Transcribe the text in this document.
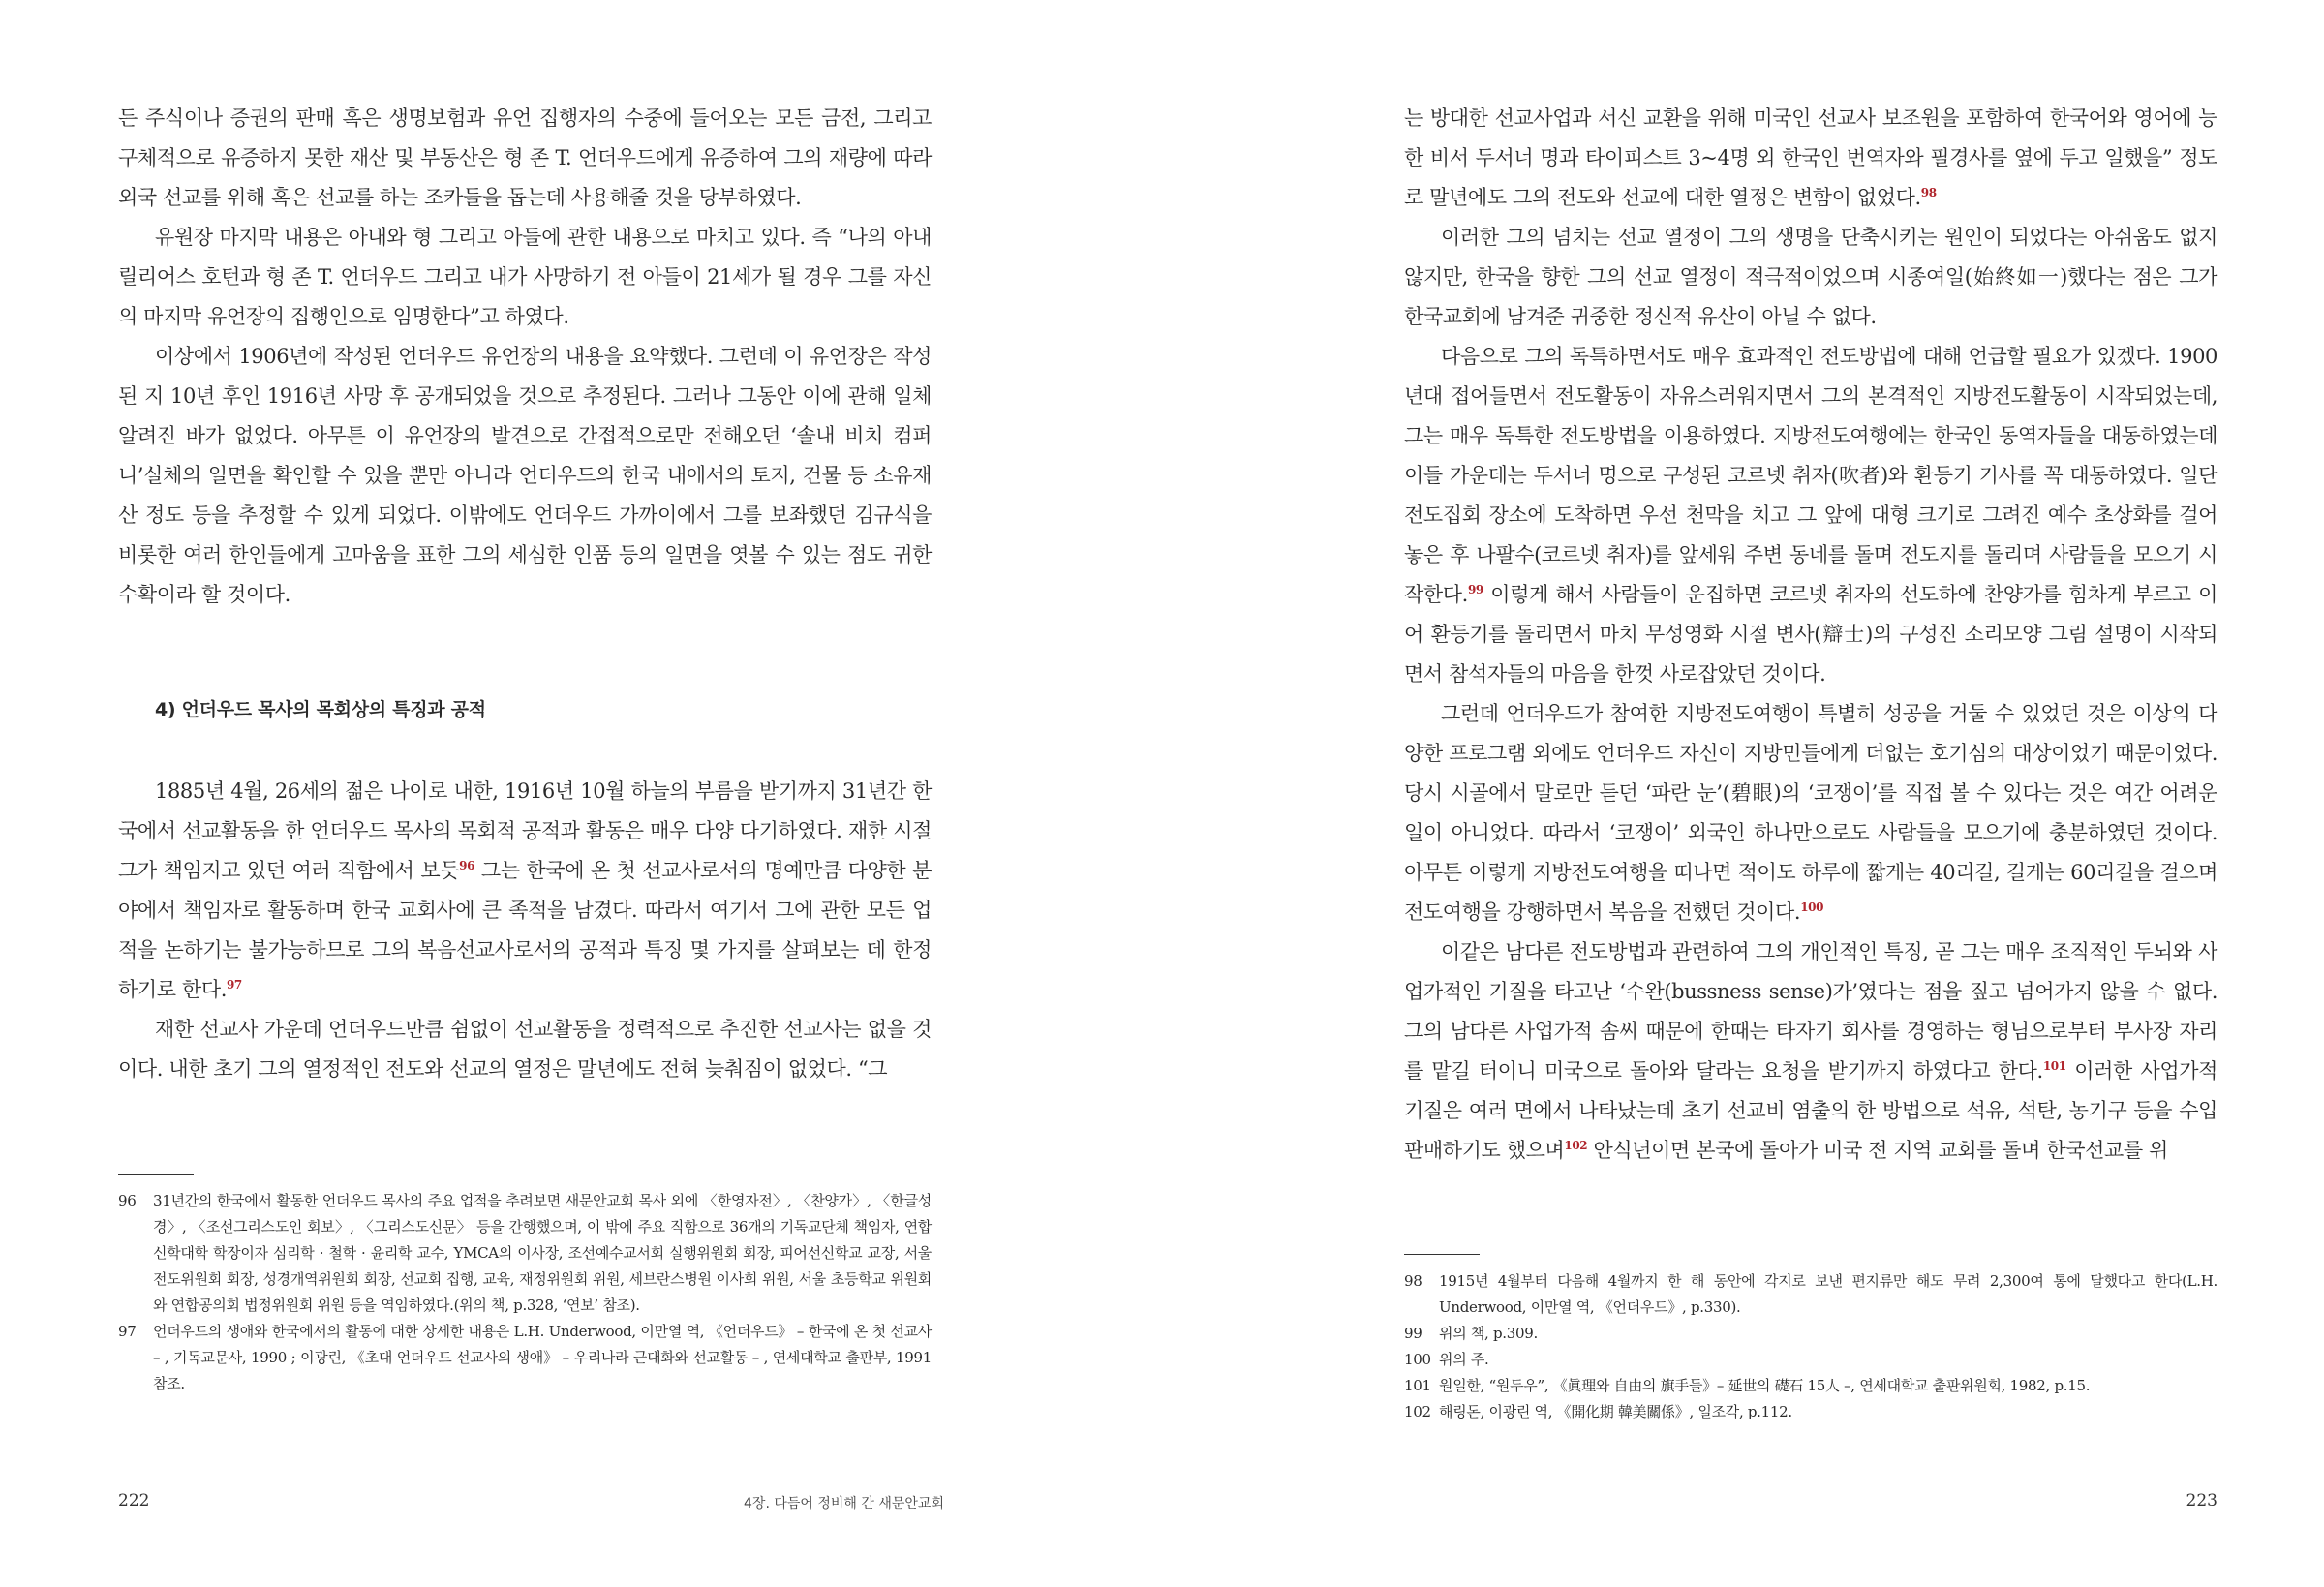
든 주식이나 증권의 판매 혹은 생명보험과 유언 집행자의 수중에 들어오는 모든 금전, 그리고 구체적으로 유증하지 못한 재산 및 부동산은 형 존 T. 언더우드에게 유증하여 그의 재량에 따라 외국 선교를 위해 혹은 선교를 하는 조카들을 돕는데 사용해줄 것을 당부하였다.

유원장 마지막 내용은 아내와 형 그리고 아들에 관한 내용으로 마치고 있다. 즉 “나의 아내 릴리어스 호턴과 형 존 T. 언더우드 그리고 내가 사망하기 전 아들이 21세가 될 경우 그를 자신의 마지막 유언장의 집행인으로 임명한다”고 하였다.

이상에서 1906년에 작성된 언더우드 유언장의 내용을 요약했다. 그런데 이 유언장은 작성된 지 10년 후인 1916년 사망 후 공개되었을 것으로 추정된다. 그러나 그동안 이에 관해 일체 알려진 바가 없었다. 아무튼 이 유언장의 발견으로 간접적으로만 전해오던 ‘솔내 비치 컴퍼니’실체의 일면을 확인할 수 있을 뿐만 아니라 언더우드의 한국 내에서의 토지, 건물 등 소유재산 정도 등을 추정할 수 있게 되었다. 이밖에도 언더우드 가까이에서 그를 보좌했던 김규식을 비롯한 여러 한인들에게 고마움을 표한 그의 세심한 인품 등의 일면을 엿볼 수 있는 점도 귀한 수확이라 할 것이다.

4) 언더우드 목사의 목회상의 특징과 공적

1885년 4월, 26세의 젊은 나이로 내한, 1916년 10월 하늘의 부름을 받기까지 31년간 한국에서 선교활동을 한 언더우드 목사의 목회적 공적과 활동은 매우 다양 다기하였다. 재한 시절 그가 책임지고 있던 여러 직함에서 보듯$^{96}$ 그는 한국에 온 첫 선교사로서의 명예만큼 다양한 분야에서 책임자로 활동하며 한국 교회사에 큰 족적을 남겼다. 따라서 여기서 그에 관한 모든 업적을 논하기는 불가능하므로 그의 복음선교사로서의 공적과 특징 몇 가지를 살펴보는 데 한정하기로 한다.$^{97}$

재한 선교사 가운데 언더우드만큼 쉼없이 선교활동을 정력적으로 추진한 선교사는 없을 것이다. 내한 초기 그의 열정적인 전도와 선교의 열정은 말년에도 전혀 늦춰짐이 없었다. “그

96	31년간의 한국에서 활동한 언더우드 목사의 주요 업적을 추려보면 새문안교회 목사 외에 〈한영자전〉, 〈찬양가〉, 〈한글성경〉, 〈조선그리스도인 회보〉, 〈그리스도신문〉 등을 간행했으며, 이 밖에 주요 직함으로 36개의 기독교단체 책임자, 연합신학대학 학장이자 심리학 · 철학 · 윤리학 교수, YMCA의 이사장, 조선예수교서회 실행위원회 회장, 피어선신학교 교장, 서울전도위원회 회장, 성경개역위원회 회장, 선교회 집행, 교육, 재정위원회 위원, 세브란스병원 이사회 위원, 서울 초등학교 위원회와 연합공의회 법정위원회 위원 등을 역임하였다.(위의 책, p.328, ‘연보’ 참조).
97	언더우드의 생애와 한국에서의 활동에 대한 상세한 내용은 L.H. Underwood, 이만열 역, 《언더우드》 – 한국에 온 첫 선교사 – , 기독교문사, 1990 ; 이광린, 《초대 언더우드 선교사의 생애》 – 우리나라 근대화와 선교활동 – , 연세대학교 출판부, 1991 참조.
222	4장. 다듬어 정비해 간 새문안교회

는 방대한 선교사업과 서신 교환을 위해 미국인 선교사 보조원을 포함하여 한국어와 영어에 능한 비서 두서너 명과 타이피스트 3~4명 외 한국인 번역자와 필경사를 옆에 두고 일했을” 정도로 말년에도 그의 전도와 선교에 대한 열정은 변함이 없었다.$^{98}$

이러한 그의 넘치는 선교 열정이 그의 생명을 단축시키는 원인이 되었다는 아쉬움도 없지 않지만, 한국을 향한 그의 선교 열정이 적극적이었으며 시종여일(始終如一)했다는 점은 그가 한국교회에 남겨준 귀중한 정신적 유산이 아닐 수 없다.

다음으로 그의 독특하면서도 매우 효과적인 전도방법에 대해 언급할 필요가 있겠다. 1900년대 접어들면서 전도활동이 자유스러워지면서 그의 본격적인 지방전도활동이 시작되었는데, 그는 매우 독특한 전도방법을 이용하였다. 지방전도여행에는 한국인 동역자들을 대동하였는데 이들 가운데는 두서너 명으로 구성된 코르넷 취자(吹者)와 환등기 기사를 꼭 대동하였다. 일단 전도집회 장소에 도착하면 우선 천막을 치고 그 앞에 대형 크기로 그려진 예수 초상화를 걸어 놓은 후 나팔수(코르넷 취자)를 앞세워 주변 동네를 돌며 전도지를 돌리며 사람들을 모으기 시작한다.$^{99}$ 이렇게 해서 사람들이 운집하면 코르넷 취자의 선도하에 찬양가를 힘차게 부르고 이어 환등기를 돌리면서 마치 무성영화 시절 변사(辯士)의 구성진 소리모양 그림 설명이 시작되면서 참석자들의 마음을 한껏 사로잡았던 것이다.

그런데 언더우드가 참여한 지방전도여행이 특별히 성공을 거둘 수 있었던 것은 이상의 다양한 프로그램 외에도 언더우드 자신이 지방민들에게 더없는 호기심의 대상이었기 때문이었다. 당시 시골에서 말로만 듣던 ‘파란 눈’(碧眼)의 ‘코쟁이’를 직접 볼 수 있다는 것은 여간 어려운 일이 아니었다. 따라서 ‘코쟁이’ 외국인 하나만으로도 사람들을 모으기에 충분하였던 것이다. 아무튼 이렇게 지방전도여행을 떠나면 적어도 하루에 짧게는 40리길, 길게는 60리길을 걸으며 전도여행을 강행하면서 복음을 전했던 것이다.$^{100}$

이같은 남다른 전도방법과 관련하여 그의 개인적인 특징, 곧 그는 매우 조직적인 두뇌와 사업가적인 기질을 타고난 ‘수완(bussness sense)가’였다는 점을 짚고 넘어가지 않을 수 없다. 그의 남다른 사업가적 솜씨 때문에 한때는 타자기 회사를 경영하는 형님으로부터 부사장 자리를 맡길 터이니 미국으로 돌아와 달라는 요청을 받기까지 하였다고 한다.$^{101}$ 이러한 사업가적 기질은 여러 면에서 나타났는데 초기 선교비 염출의 한 방법으로 석유, 석탄, 농기구 등을 수입 판매하기도 했으며$^{102}$ 안식년이면 본국에 돌아가 미국 전 지역 교회를 돌며 한국선교를 위

98	1915년 4월부터 다음해 4월까지 한 해 동안에 각지로 보낸 편지류만 해도 무려 2,300여 통에 달했다고 한다(L.H. Underwood, 이만열 역, 《언더우드》, p.330).
99	위의 책, p.309.
100 위의 주.
101 원일한, “원두우”, 《眞理와 自由의 旗手들》– 延世의 礎石 15人 –, 연세대학교 출판위원회, 1982, p.15.
102 해링돈, 이광린 역, 《開化期 韓美關係》, 일조각, p.112.
223
